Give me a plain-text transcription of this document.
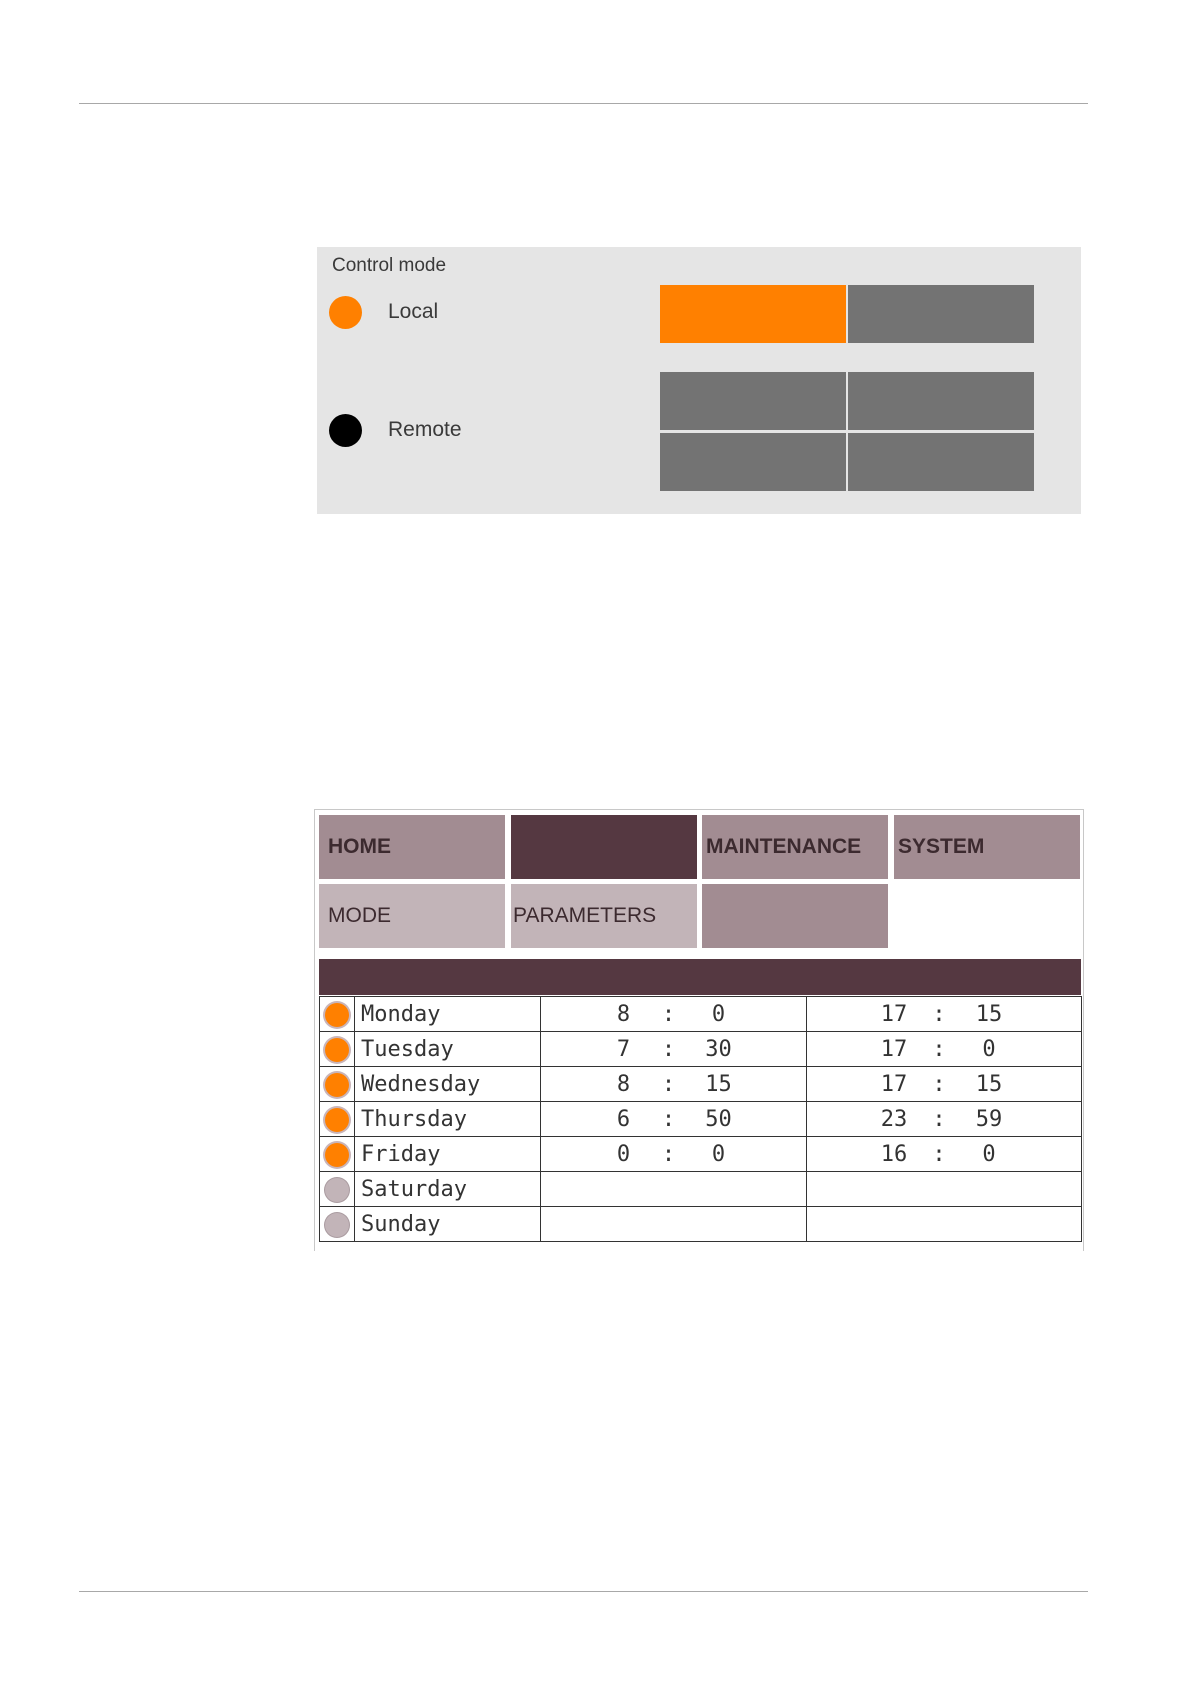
Control mode
Local
Remote
HOME	MAINTENANCE	SYSTEM
MODE	PARAMETERS
	Monday	8 : 0	17 : 15

	Tuesday	7 : 30	17 : 0

	Wednesday	8 : 15	17 : 15

	Thursday	6 : 50	23 : 59

	Friday	0 : 0	16 : 0

	Saturday		
	Sunday		
